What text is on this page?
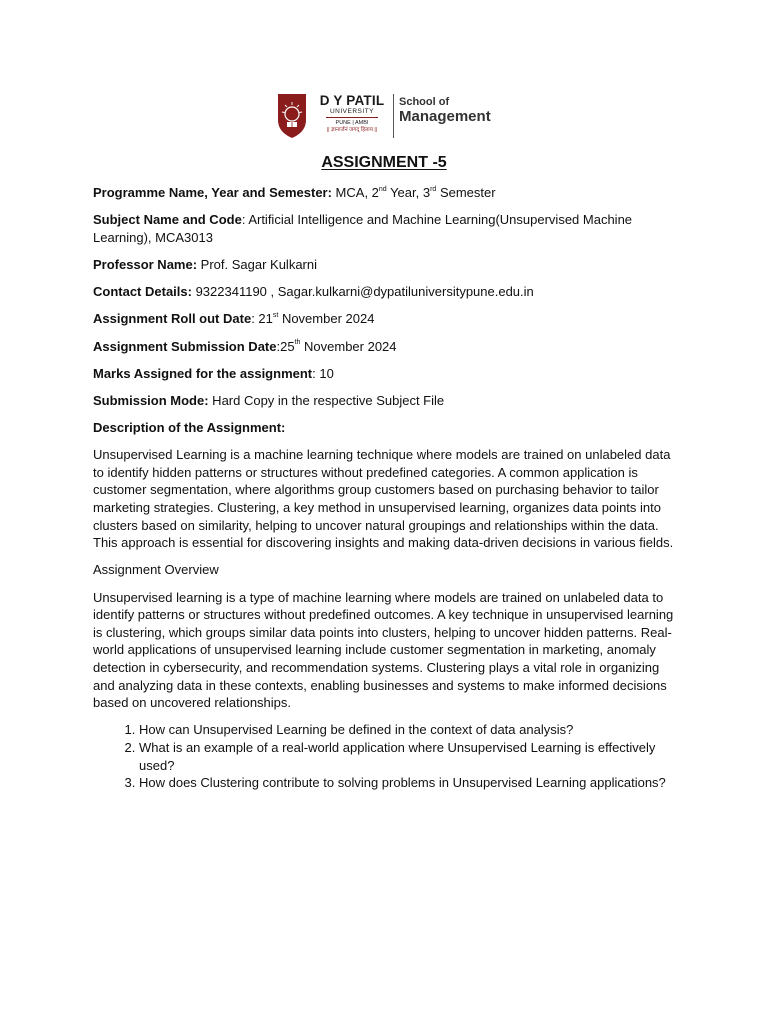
D Y PATIL
UNIVERSITY
PUNE | AMBI
|| ज्ञानार्जनं जगद् हिताय ||
School of
Management
ASSIGNMENT -5
Programme Name, Year and Semester: MCA, 2nd Year, 3rd Semester
Subject Name and Code: Artificial Intelligence and Machine Learning(Unsupervised Machine Learning), MCA3013
Professor Name: Prof. Sagar Kulkarni
Contact Details: 9322341190 , Sagar.kulkarni@dypatiluniversitypune.edu.in
Assignment Roll out Date: 21st November 2024
Assignment Submission Date:25th November 2024
Marks Assigned for the assignment: 10
Submission Mode: Hard Copy in the respective Subject File
Description of the Assignment:

Unsupervised Learning is a machine learning technique where models are trained on unlabeled data to identify hidden patterns or structures without predefined categories. A common application is customer segmentation, where algorithms group customers based on purchasing behavior to tailor marketing strategies. Clustering, a key method in unsupervised learning, organizes data points into clusters based on similarity, helping to uncover natural groupings and relationships within the data. This approach is essential for discovering insights and making data-driven decisions in various fields.

Assignment Overview

Unsupervised learning is a type of machine learning where models are trained on unlabeled data to identify patterns or structures without predefined outcomes. A key technique in unsupervised learning is clustering, which groups similar data points into clusters, helping to uncover hidden patterns. Real-world applications of unsupervised learning include customer segmentation in marketing, anomaly detection in cybersecurity, and recommendation systems. Clustering plays a vital role in organizing and analyzing data in these contexts, enabling businesses and systems to make informed decisions based on uncovered relationships.

1. How can Unsupervised Learning be defined in the context of data analysis?
2. What is an example of a real-world application where Unsupervised Learning is effectively used?
3. How does Clustering contribute to solving problems in Unsupervised Learning applications?
